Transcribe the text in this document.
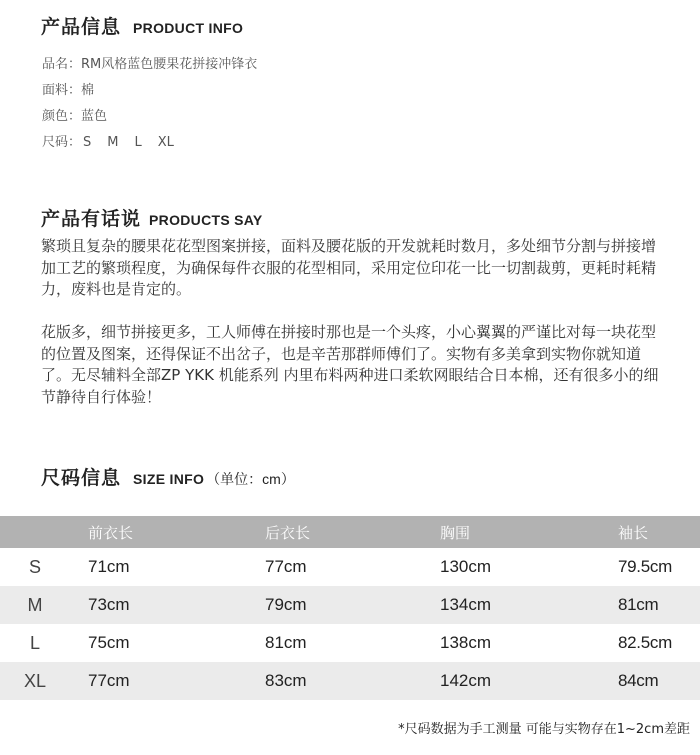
产品信息 PRODUCT INFO
品名：RM风格蓝色腰果花拼接冲锋衣
面料：棉
颜色：蓝色
尺码： S M L XL
产品有话说 PRODUCTS SAY

繁琐且复杂的腰果花花型图案拼接，面料及腰花版的开发就耗时数月，多处细节分割与拼接增加工艺的繁琐程度，为确保每件衣服的花型相同，采用定位印花一比一切割裁剪，更耗时耗精力，废料也是肯定的。

花版多，细节拼接更多，工人师傅在拼接时那也是一个头疼，小心翼翼的严谨比对每一块花型的位置及图案，还得保证不出岔子，也是辛苦那群师傅们了。实物有多美拿到实物你就知道了。无尽辅料全部ZP YKK 机能系列 内里布料两种进口柔软网眼结合日本棉，还有很多小的细节静待自行体验！

尺码信息 SIZE INFO （单位：cm）
	前衣长	后衣长	胸围	袖长
S	71cm	77cm	130cm	79.5cm
M	73cm	79cm	134cm	81cm
L	75cm	81cm	138cm	82.5cm
XL	77cm	83cm	142cm	84cm
*尺码数据为手工测量 可能与实物存在1~2cm差距
